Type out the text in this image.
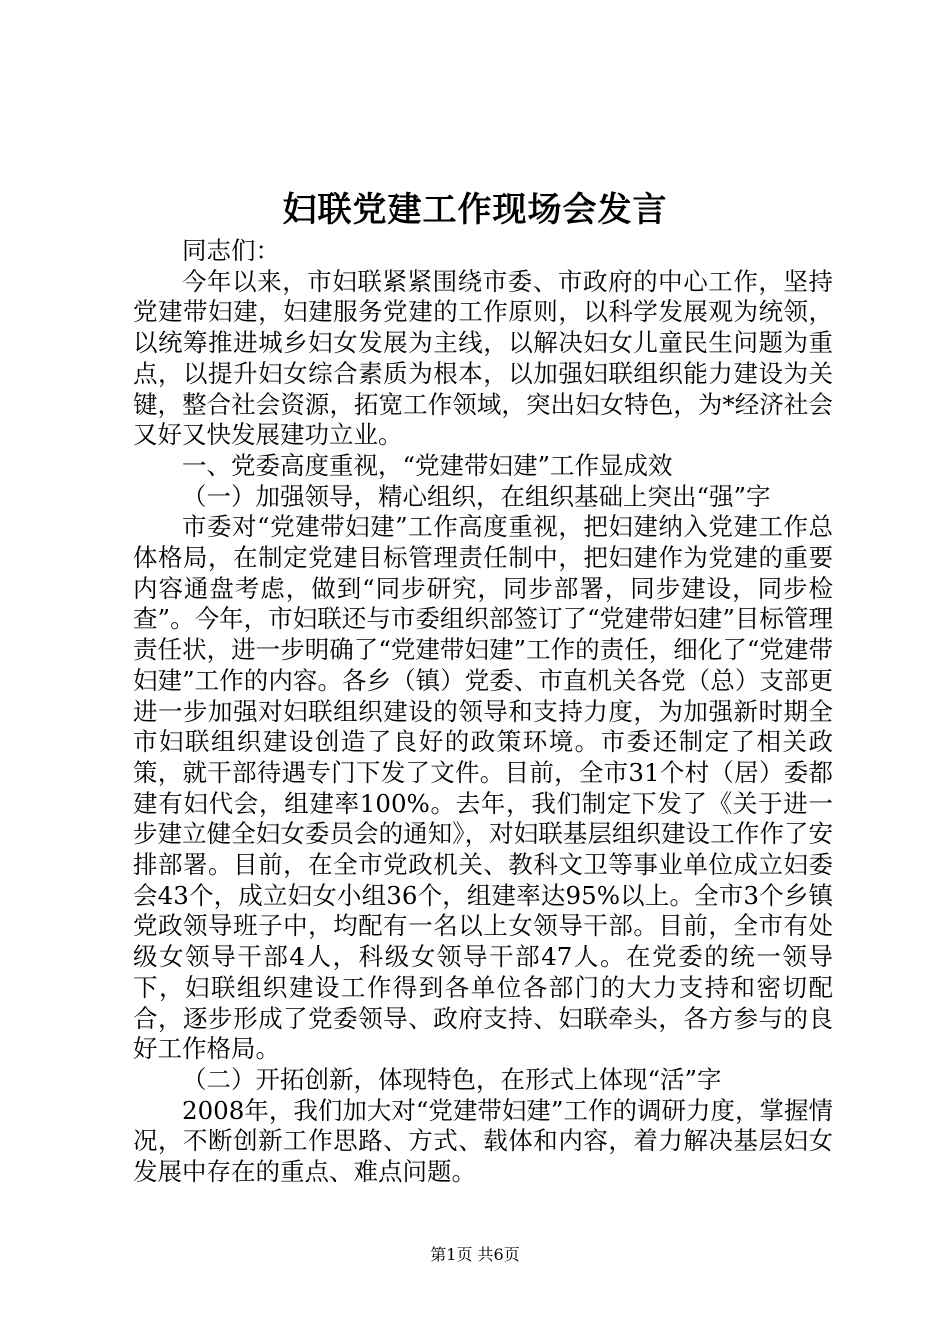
妇联党建工作现场会发言

同志们：

今年以来，市妇联紧紧围绕市委、市政府的中心工作，坚持党建带妇建，妇建服务党建的工作原则，以科学发展观为统领，以统筹推进城乡妇女发展为主线，以解决妇女儿童民生问题为重点，以提升妇女综合素质为根本，以加强妇联组织能力建设为关键，整合社会资源，拓宽工作领域，突出妇女特色，为*经济社会又好又快发展建功立业。

一、党委高度重视，“党建带妇建”工作显成效

（一）加强领导，精心组织，在组织基础上突出“强”字

市委对“党建带妇建”工作高度重视，把妇建纳入党建工作总体格局，在制定党建目标管理责任制中，把妇建作为党建的重要内容通盘考虑，做到“同步研究，同步部署，同步建设，同步检查”。今年，市妇联还与市委组织部签订了“党建带妇建”目标管理责任状，进一步明确了“党建带妇建”工作的责任，细化了“党建带妇建”工作的内容。各乡（镇）党委、市直机关各党（总）支部更进一步加强对妇联组织建设的领导和支持力度，为加强新时期全市妇联组织建设创造了良好的政策环境。市委还制定了相关政策，就干部待遇专门下发了文件。目前，全市31个村（居）委都建有妇代会，组建率100%。去年，我们制定下发了《关于进一步建立健全妇女委员会的通知》，对妇联基层组织建设工作作了安排部署。目前，在全市党政机关、教科文卫等事业单位成立妇委会43个，成立妇女小组36个，组建率达95%以上。全市3个乡镇党政领导班子中，均配有一名以上女领导干部。目前，全市有处级女领导干部4人，科级女领导干部47人。在党委的统一领导下，妇联组织建设工作得到各单位各部门的大力支持和密切配合，逐步形成了党委领导、政府支持、妇联牵头，各方参与的良好工作格局。

（二）开拓创新，体现特色，在形式上体现“活”字

2008年，我们加大对“党建带妇建”工作的调研力度，掌握情况，不断创新工作思路、方式、载体和内容，着力解决基层妇女发展中存在的重点、难点问题。

第1页 共6页
